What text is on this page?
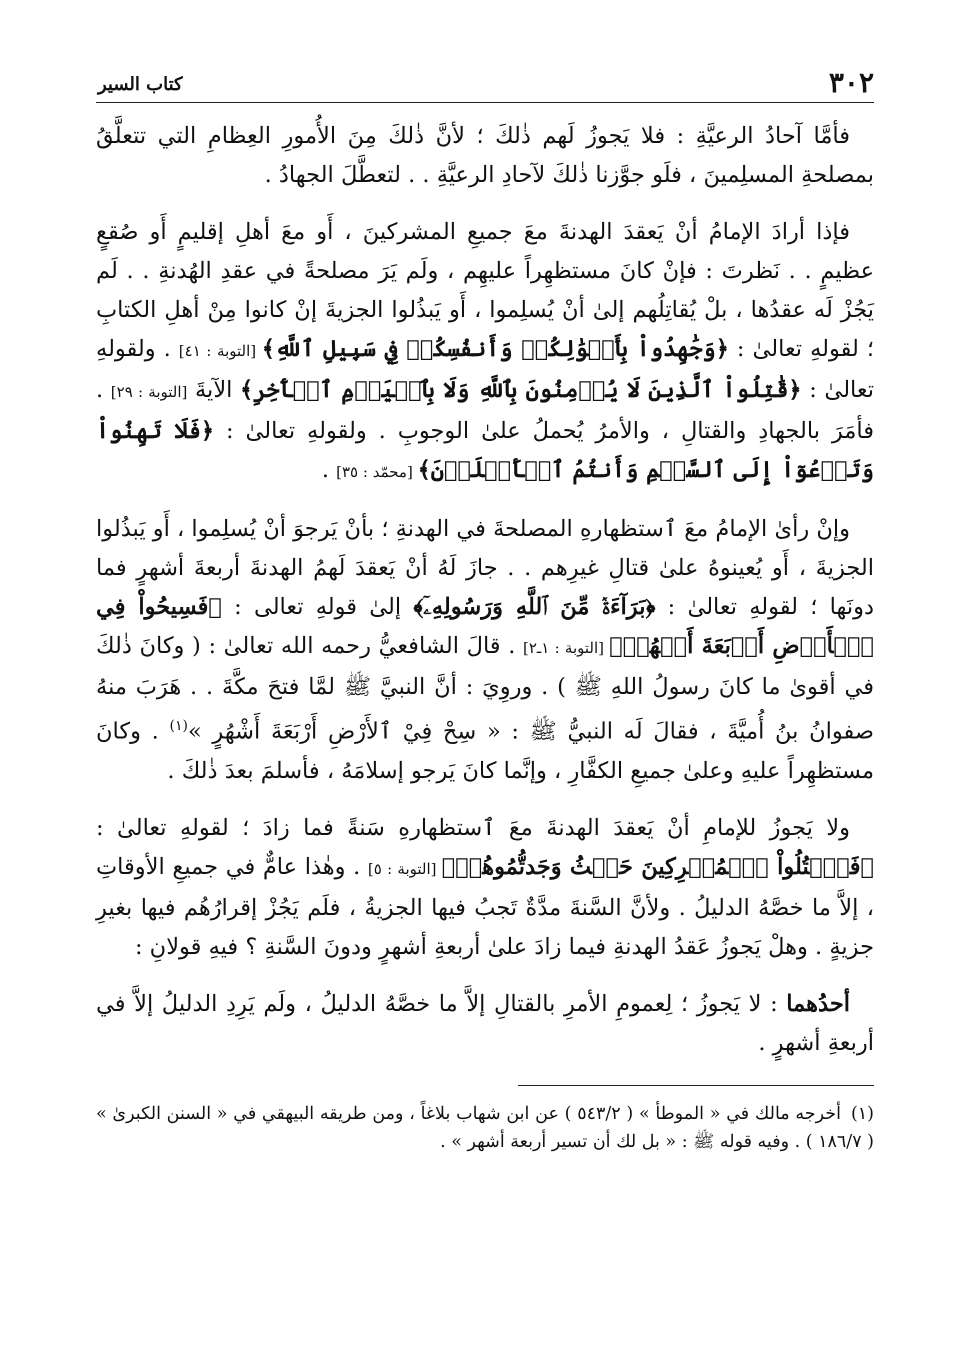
٣٠٢
كتاب السير

فأمَّا آحادُ الرعيَّةِ : فلا يَجوزُ لَهم ذٰلكَ ؛ لأنَّ ذٰلكَ مِنَ الأُمورِ العِظامِ التي تتعلَّقُ بمصلحةِ المسلِمينَ ، فلَو جوَّزنا ذٰلكَ لآحادِ الرعيَّةِ . . لتعطَّلَ الجهادُ .

فإذا أرادَ الإمامُ أنْ يَعقدَ الهدنةَ معَ جميعِ المشركينَ ، أَو معَ أهلِ إقليمٍ أَو صُقعٍ عظيمٍ . . نَظرتَ : فإنْ كانَ مستظهِراً عليهِم ، ولَم يَرَ مصلحةً في عقدِ الهُدنةِ . . لَم يَجُزْ لَه عقدُها ، بلْ يُقاتِلُهم إلىٰ أنْ يُسلِموا ، أَو يَبذُلوا الجزيةَ إنْ كانوا مِنْ أهلِ الكتابِ ؛ لقولهِ تعالىٰ : ﴿وَجَٰهِدُواْ بِأَمۡوَٰلِكُمۡ وَأَنفُسِكُمۡ فِي سَبِيلِ ٱللَّهِ﴾ [التوبة : ٤١] . ولقولهِ تعالىٰ : ﴿قَٰتِلُواْ ٱلَّذِينَ لَا يُؤۡمِنُونَ بِٱللَّهِ وَلَا بِٱلۡيَوۡمِ ٱلۡأٓخِرِ﴾ الآيةَ [التوبة : ٢٩] . فأمَرَ بالجهادِ والقتالِ ، والأمرُ يُحملُ علىٰ الوجوبِ . ولقولهِ تعالىٰ : ﴿فَلَا تَهِنُواْ وَتَدۡعُوٓاْ إِلَى ٱلسَّلۡمِ وَأَنتُمُ ٱلۡأَعۡلَوۡنَ﴾ [محمّد : ٣٥] .

وإنْ رأىٰ الإمامُ معَ ٱستظهارهِ المصلحةَ في الهدنةِ ؛ بأنْ يَرجوَ أنْ يُسلِموا ، أَو يَبذُلوا الجزيةَ ، أَو يُعينوهُ علىٰ قتالِ غيرِهم . . جازَ لَهُ أنْ يَعقدَ لَهمُ الهدنةَ أربعةَ أشهرٍ فما دونَها ؛ لقولهِ تعالىٰ : ﴿بَرَآءَةٞ مِّنَ ٱللَّهِ وَرَسُولِهِۦٓ﴾ إلىٰ قولهِ تعالى : ﴿فَسِيحُواْ فِي ٱلۡأَرۡضِ أَرۡبَعَةَ أَشۡهُرٖ﴾ [التوبة : ١ـ٢] . قالَ الشافعيُّ رحمه الله تعالىٰ : ( وكانَ ذٰلكَ في أقوىٰ ما كانَ رسولُ اللهِ ﷺ ) . وروِيَ : أنَّ النبيَّ ﷺ لمَّا فتحَ مكَّةَ . . هَرَبَ منهُ صفوانُ بنُ أُميَّةَ ، فقالَ لَه النبيُّ ﷺ : « سِحْ فِيْ ٱلأَرْضِ أَرْبَعَةَ أَشْهُرٍ »$^{(١)}$ . وكانَ مستظهِراً عليهِ وعلىٰ جميعِ الكفَّارِ ، وإنَّما كانَ يَرجو إسلامَهُ ، فأسلمَ بعدَ ذٰلكَ .

ولا يَجوزُ للإمامِ أنْ يَعقدَ الهدنةَ معَ ٱستظهارهِ سَنةً فما زادَ ؛ لقولهِ تعالىٰ : ﴿فَٱقۡتُلُواْ ٱلۡمُشۡرِكِينَ حَيۡثُ وَجَدتُّمُوهُمۡ﴾ [التوبة : ٥] . وهٰذا عامٌّ في جميعِ الأوقاتِ ، إلاَّ ما خصَّهُ الدليلُ . ولأنَّ السَّنةَ مدَّةٌ تَجبُ فيها الجزيةُ ، فلَم يَجُزْ إقرارُهُم فيها بغيرِ جزيةٍ . وهلْ يَجوزُ عَقدُ الهدنةِ فيما زادَ علىٰ أربعةِ أشهرٍ ودونَ السَّنةِ ؟ فيهِ قولانِ :

أحدُهما : لا يَجوزُ ؛ لِعمومِ الأمرِ بالقتالِ إلاَّ ما خصَّهُ الدليلُ ، ولَم يَرِدِ الدليلُ إلاَّ في أربعةِ أشهرٍ .

(١)أخرجه مالك في « الموطأ » ( ٥٤٣/٢ ) عن ابن شهاب بلاغاً ، ومن طريقه البيهقي في « السنن الكبرىٰ » ( ١٨٦/٧ ) . وفيه قوله ﷺ : « بل لك أن تسير أربعة أشهر » .
